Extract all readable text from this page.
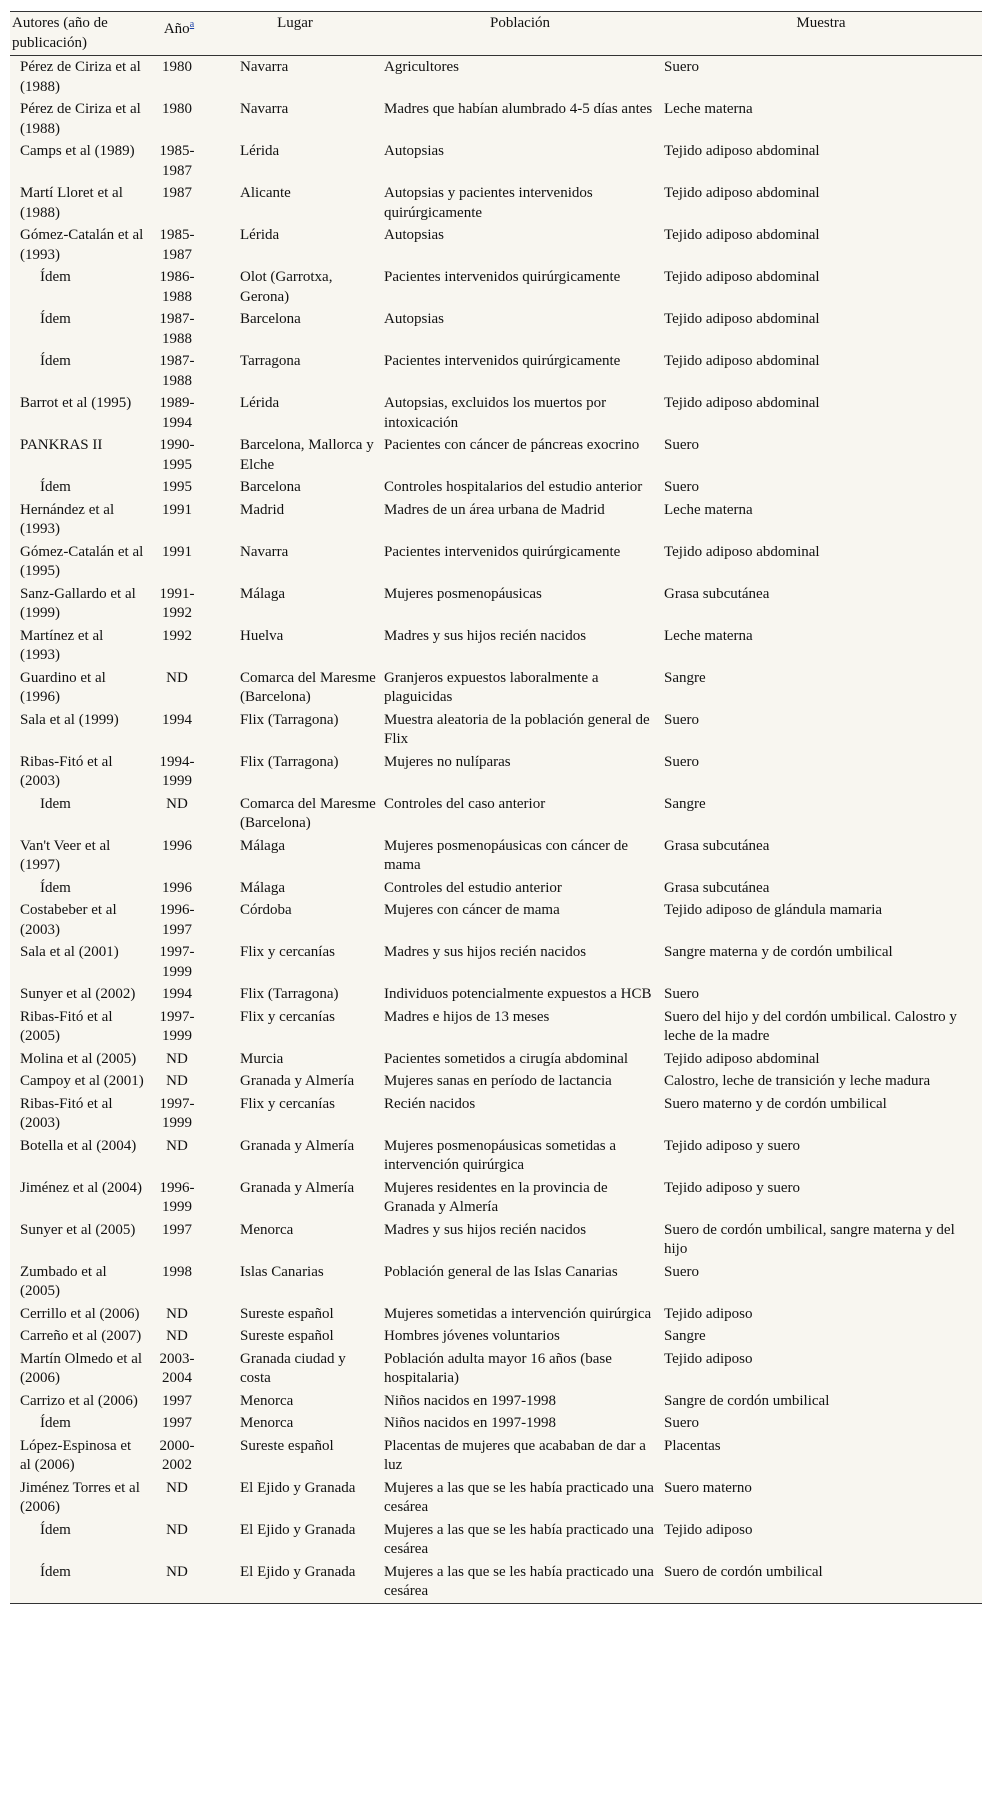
Autores (año de publicación)	Año$^a$	Lugar	Población	Muestra
Pérez de Ciriza et al (1988)	1980	Navarra	Agricultores	Suero
Pérez de Ciriza et al (1988)	1980	Navarra	Madres que habían alumbrado 4-5 días antes	Leche materna
Camps et al (1989)	1985-1987	Lérida	Autopsias	Tejido adiposo abdominal
Martí Lloret et al (1988)	1987	Alicante	Autopsias y pacientes intervenidos quirúrgicamente	Tejido adiposo abdominal
Gómez-Catalán et al (1993)	1985-1987	Lérida	Autopsias	Tejido adiposo abdominal
Ídem	1986-1988	Olot (Garrotxa, Gerona)	Pacientes intervenidos quirúrgicamente	Tejido adiposo abdominal
Ídem	1987-1988	Barcelona	Autopsias	Tejido adiposo abdominal
Ídem	1987-1988	Tarragona	Pacientes intervenidos quirúrgicamente	Tejido adiposo abdominal
Barrot et al (1995)	1989-1994	Lérida	Autopsias, excluidos los muertos por intoxicación	Tejido adiposo abdominal
PANKRAS II	1990-1995	Barcelona, Mallorca y Elche	Pacientes con cáncer de páncreas exocrino	Suero
Ídem	1995	Barcelona	Controles hospitalarios del estudio anterior	Suero
Hernández et al (1993)	1991	Madrid	Madres de un área urbana de Madrid	Leche materna
Gómez-Catalán et al (1995)	1991	Navarra	Pacientes intervenidos quirúrgicamente	Tejido adiposo abdominal
Sanz-Gallardo et al (1999)	1991-1992	Málaga	Mujeres posmenopáusicas	Grasa subcutánea
Martínez et al (1993)	1992	Huelva	Madres y sus hijos recién nacidos	Leche materna
Guardino et al (1996)	ND	Comarca del Maresme (Barcelona)	Granjeros expuestos laboralmente a plaguicidas	Sangre
Sala et al (1999)	1994	Flix (Tarragona)	Muestra aleatoria de la población general de Flix	Suero
Ribas-Fitó et al (2003)	1994-1999	Flix (Tarragona)	Mujeres no nulíparas	Suero
Idem	ND	Comarca del Maresme (Barcelona)	Controles del caso anterior	Sangre
Van't Veer et al (1997)	1996	Málaga	Mujeres posmenopáusicas con cáncer de mama	Grasa subcutánea
Ídem	1996	Málaga	Controles del estudio anterior	Grasa subcutánea
Costabeber et al (2003)	1996-1997	Córdoba	Mujeres con cáncer de mama	Tejido adiposo de glándula mamaria
Sala et al (2001)	1997-1999	Flix y cercanías	Madres y sus hijos recién nacidos	Sangre materna y de cordón umbilical
Sunyer et al (2002)	1994	Flix (Tarragona)	Individuos potencialmente expuestos a HCB	Suero
Ribas-Fitó et al (2005)	1997-1999	Flix y cercanías	Madres e hijos de 13 meses	Suero del hijo y del cordón umbilical. Calostro y leche de la madre
Molina et al (2005)	ND	Murcia	Pacientes sometidos a cirugía abdominal	Tejido adiposo abdominal
Campoy et al (2001)	ND	Granada y Almería	Mujeres sanas en período de lactancia	Calostro, leche de transición y leche madura
Ribas-Fitó et al (2003)	1997-1999	Flix y cercanías	Recién nacidos	Suero materno y de cordón umbilical
Botella et al (2004)	ND	Granada y Almería	Mujeres posmenopáusicas sometidas a intervención quirúrgica	Tejido adiposo y suero
Jiménez et al (2004)	1996-1999	Granada y Almería	Mujeres residentes en la provincia de Granada y Almería	Tejido adiposo y suero
Sunyer et al (2005)	1997	Menorca	Madres y sus hijos recién nacidos	Suero de cordón umbilical, sangre materna y del hijo
Zumbado et al (2005)	1998	Islas Canarias	Población general de las Islas Canarias	Suero
Cerrillo et al (2006)	ND	Sureste español	Mujeres sometidas a intervención quirúrgica	Tejido adiposo
Carreño et al (2007)	ND	Sureste español	Hombres jóvenes voluntarios	Sangre
Martín Olmedo et al (2006)	2003-2004	Granada ciudad y costa	Población adulta mayor 16 años (base hospitalaria)	Tejido adiposo
Carrizo et al (2006)	1997	Menorca	Niños nacidos en 1997-1998	Sangre de cordón umbilical
Ídem	1997	Menorca	Niños nacidos en 1997-1998	Suero
López-Espinosa et al (2006)	2000-2002	Sureste español	Placentas de mujeres que acababan de dar a luz	Placentas
Jiménez Torres et al (2006)	ND	El Ejido y Granada	Mujeres a las que se les había practicado una cesárea	Suero materno
Ídem	ND	El Ejido y Granada	Mujeres a las que se les había practicado una cesárea	Tejido adiposo
Ídem	ND	El Ejido y Granada	Mujeres a las que se les había practicado una cesárea	Suero de cordón umbilical
